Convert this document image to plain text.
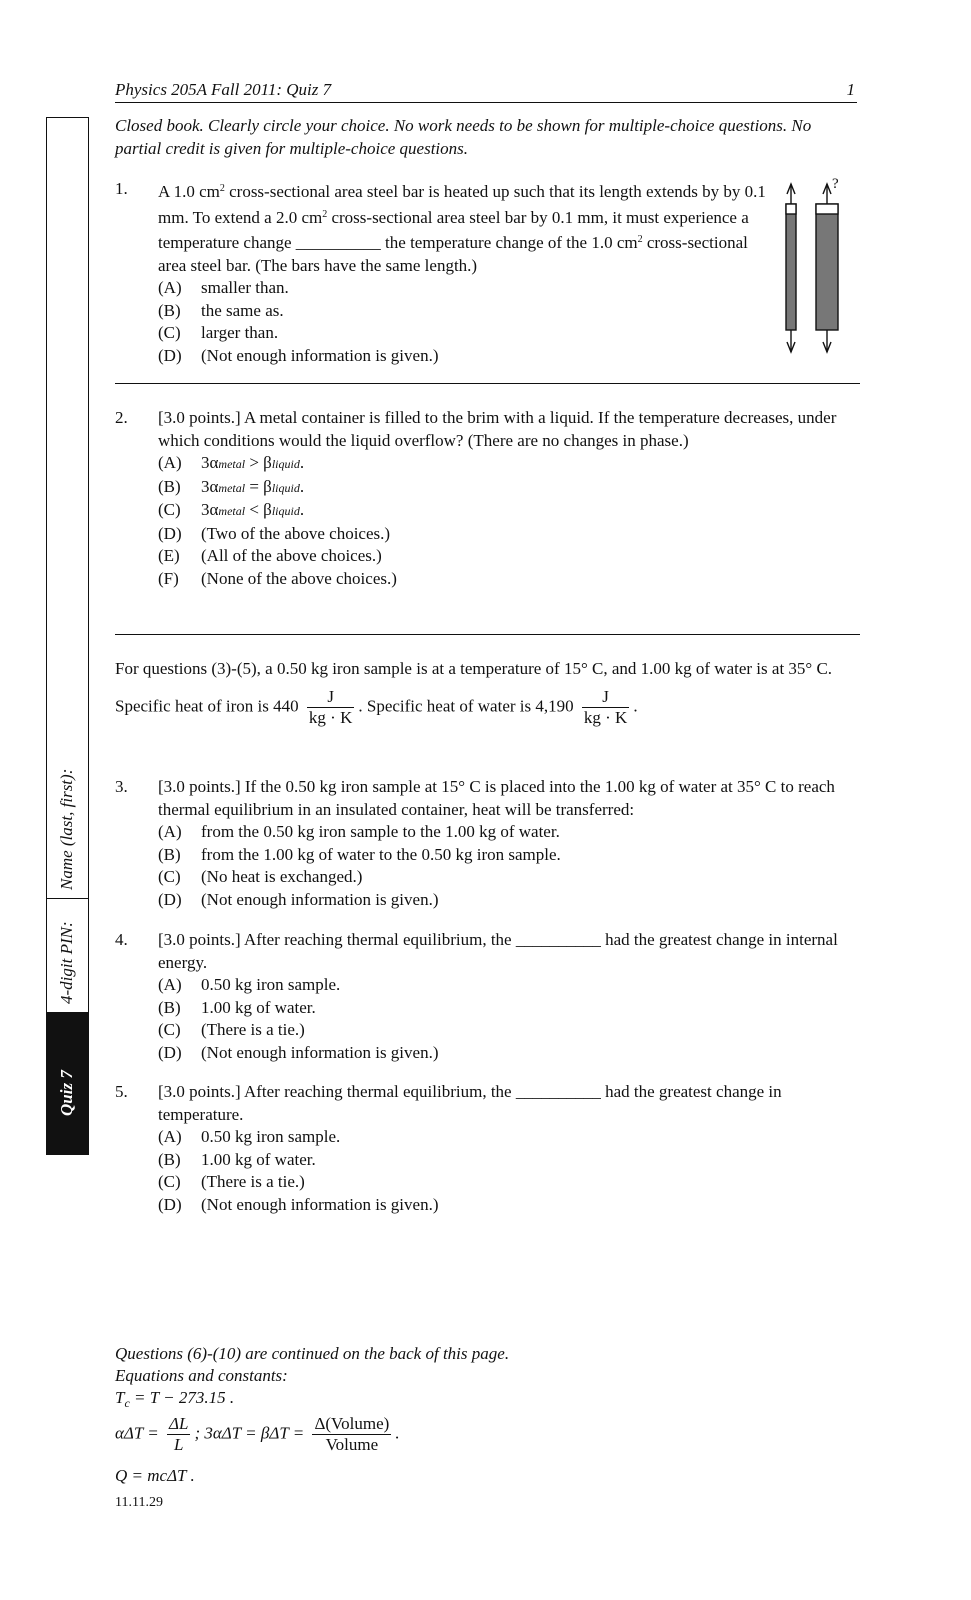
Physics 205A Fall 2011: Quiz 7	1
Closed book. Clearly circle your choice. No work needs to be shown for multiple-choice questions. No partial credit is given for multiple-choice questions.
Name (last, first):
4-digit PIN:
Quiz 7
1. A 1.0 $cm^2$ cross-sectional area steel bar is heated up such that its length extends by by 0.1 mm. To extend a 2.0 $cm^2$ cross-sectional area steel bar by 0.1 mm, it must experience a temperature change __________ the temperature change of the 1.0 $cm^2$ cross-sectional area steel bar. (The bars have the same length.)
(A) smaller than.
(B) the same as.
(C) larger than.
(D) (Not enough information is given.)
?
2. [3.0 points.] A metal container is filled to the brim with a liquid. If the temperature decreases, under which conditions would the liquid overflow? (There are no changes in phase.)
(A) 3αmetal > βliquid.
(B) 3αmetal = βliquid.
(C) 3αmetal < βliquid.
(D) (Two of the above choices.)
(E) (All of the above choices.)
(F) (None of the above choices.)
For questions (3)-(5), a 0.50 kg iron sample is at a temperature of 15° C, and 1.00 kg of water is at 35° C.
Specific heat of iron is $440 \frac{J}{kg \cdot K}$ . Specific heat of water is $4,190 \frac{J}{kg \cdot K}$ .
3. [3.0 points.] If the 0.50 kg iron sample at 15° C is placed into the 1.00 kg of water at 35° C to reach thermal equilibrium in an insulated container, heat will be transferred:
(A) from the 0.50 kg iron sample to the 1.00 kg of water.
(B) from the 1.00 kg of water to the 0.50 kg iron sample.
(C) (No heat is exchanged.)
(D) (Not enough information is given.)
4. [3.0 points.] After reaching thermal equilibrium, the __________ had the greatest change in internal energy.
(A) 0.50 kg iron sample.
(B) 1.00 kg of water.
(C) (There is a tie.)
(D) (Not enough information is given.)
5. [3.0 points.] After reaching thermal equilibrium, the __________ had the greatest change in temperature.
(A) 0.50 kg iron sample.
(B) 1.00 kg of water.
(C) (There is a tie.)
(D) (Not enough information is given.)
Questions (6)-(10) are continued on the back of this page.
Equations and constants:
$T_c = T - 273.15$ .
$\alpha\Delta T = \frac{\Delta L}{L}$ ; $3\alpha\Delta T = \beta\Delta T = \frac{\text{Δ(Volume)}}{\text{Volume}}$ .
Q = mcΔT .
11.11.29
